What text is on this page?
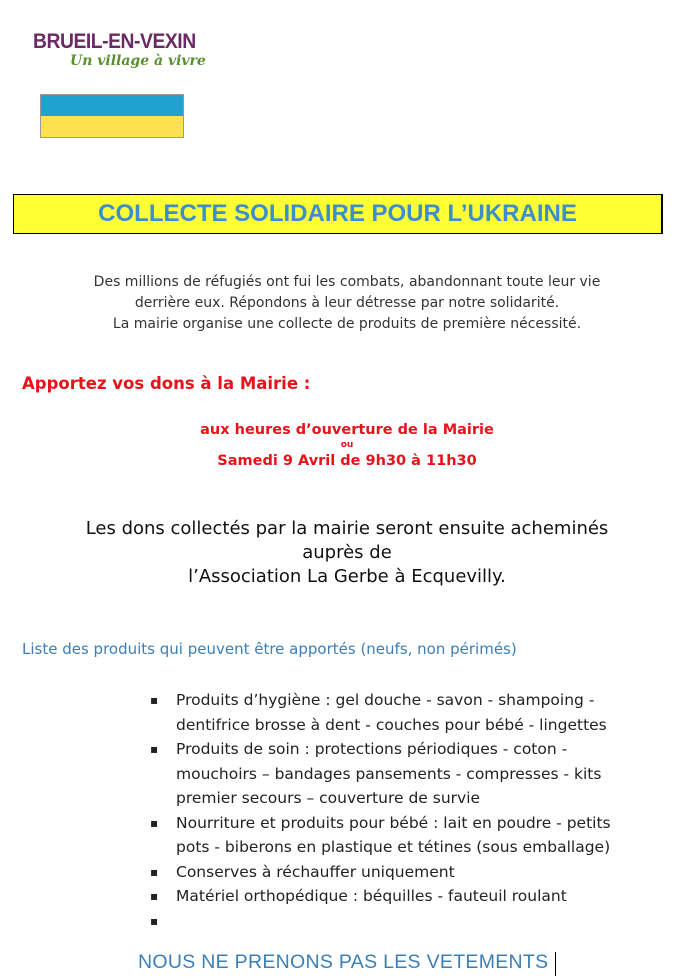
BRUEIL-EN-VEXIN
Un village à vivre
COLLECTE SOLIDAIRE POUR L’UKRAINE
Des millions de réfugiés ont fui les combats, abandonnant toute leur vie
derrière eux. Répondons à leur détresse par notre solidarité.
La mairie organise une collecte de produits de première nécessité.
Apportez vos dons à la Mairie :
aux heures d’ouverture de la Mairie
ou
Samedi 9 Avril de 9h30 à 11h30
Les dons collectés par la mairie seront ensuite acheminés
auprès de
l’Association La Gerbe à Ecquevilly.
Liste des produits qui peuvent être apportés (neufs, non périmés)
▪ Produits d’hygiène : gel douche - savon - shampoing - dentifrice brosse à dent - couches pour bébé - lingettes
▪ Produits de soin : protections périodiques - coton - mouchoirs – bandages pansements - compresses - kits premier secours – couverture de survie
▪ Nourriture et produits pour bébé : lait en poudre - petits pots - biberons en plastique et tétines (sous emballage)
▪ Conserves à réchauffer uniquement
▪ Matériel orthopédique : béquilles - fauteuil roulant
▪
NOUS NE PRENONS PAS LES VETEMENTS
